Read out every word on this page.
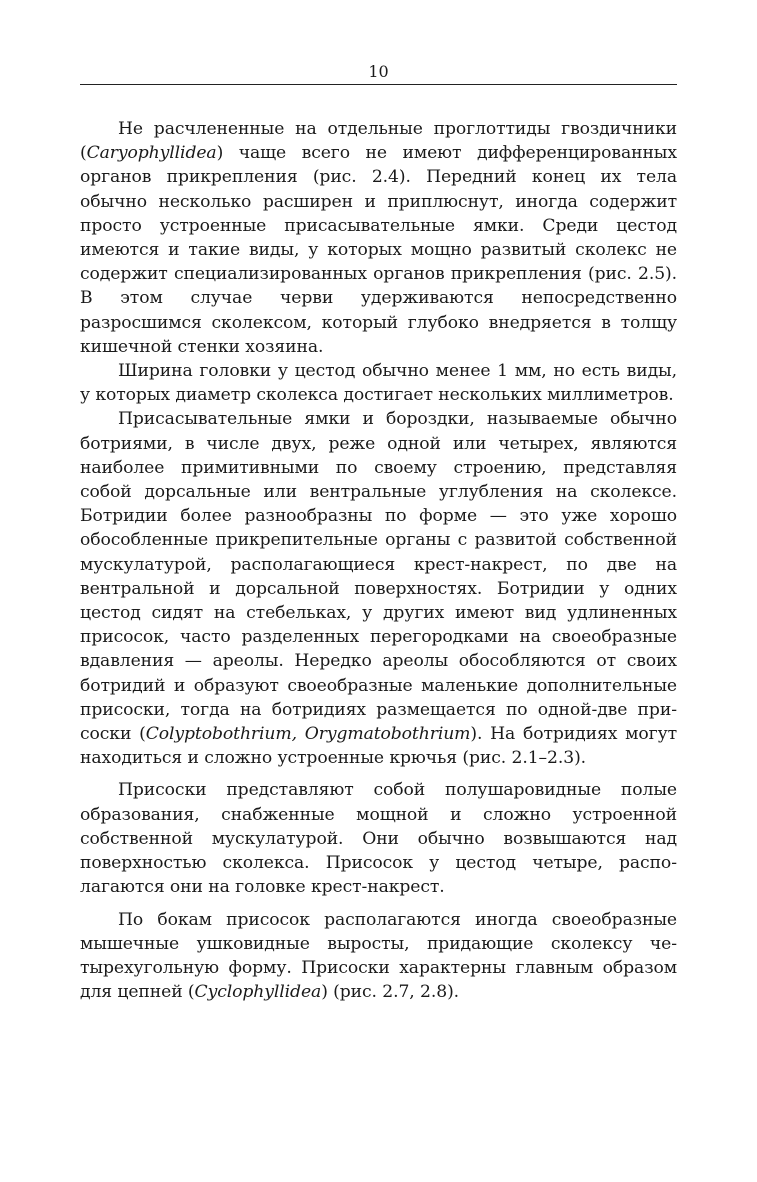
10

Не расчлененные на отдельные проглоттиды гвоздичники (Caryophyllidea) чаще всего не имеют дифференцированных органов прикрепления (рис. 2.4). Передний конец их тела обычно несколько расширен и приплюснут, иногда содержит просто устроенные присасывательные ямки. Среди цестод имеются и такие виды, у которых мощно развитый сколекс не содержит специализированных органов прикрепления (рис. 2.5). В этом случае черви удерживаются непосредственно разросшимся сколексом, который глубоко внедряется в толщу кишечной стенки хозяина.

Ширина головки у цестод обычно менее 1 мм, но есть виды, у которых диаметр сколекса достигает нескольких миллиметров.

Присасывательные ямки и бороздки, называемые обычно ботриями, в числе двух, реже одной или четырех, являются наиболее примитивными по своему строению, представляя собой дорсальные или вентральные углубления на сколексе. Ботридии более разнообразны по форме — это уже хорошо обособленные прикрепительные органы с развитой собственной мускулатурой, располагающиеся крест-накрест, по две на вентральной и дорсальной поверхностях. Ботридии у одних цестод сидят на стебельках, у других имеют вид удлиненных присосок, часто разделенных перегородками на своеобразные вдавления — ареолы. Нередко ареолы обособляются от своих ботридий и образуют своеобразные маленькие дополнительные присоски, тогда на ботридиях размещается по одной-две присоски (Colyptobothrium, Orygmatobothrium). На ботридиях могут находиться и сложно устроенные крючья (рис. 2.1–2.3).

Присоски представляют собой полушаровидные полые образования, снабженные мощной и сложно устроенной собственной мускулатурой. Они обычно возвышаются над поверхностью сколекса. Присосок у цестод четыре, располагаются они на головке крест-накрест.

По бокам присосок располагаются иногда своеобразные мышечные ушковидные выросты, придающие сколексу четырехугольную форму. Присоски характерны главным образом для цепней (Cyclophyllidea) (рис. 2.7, 2.8).
